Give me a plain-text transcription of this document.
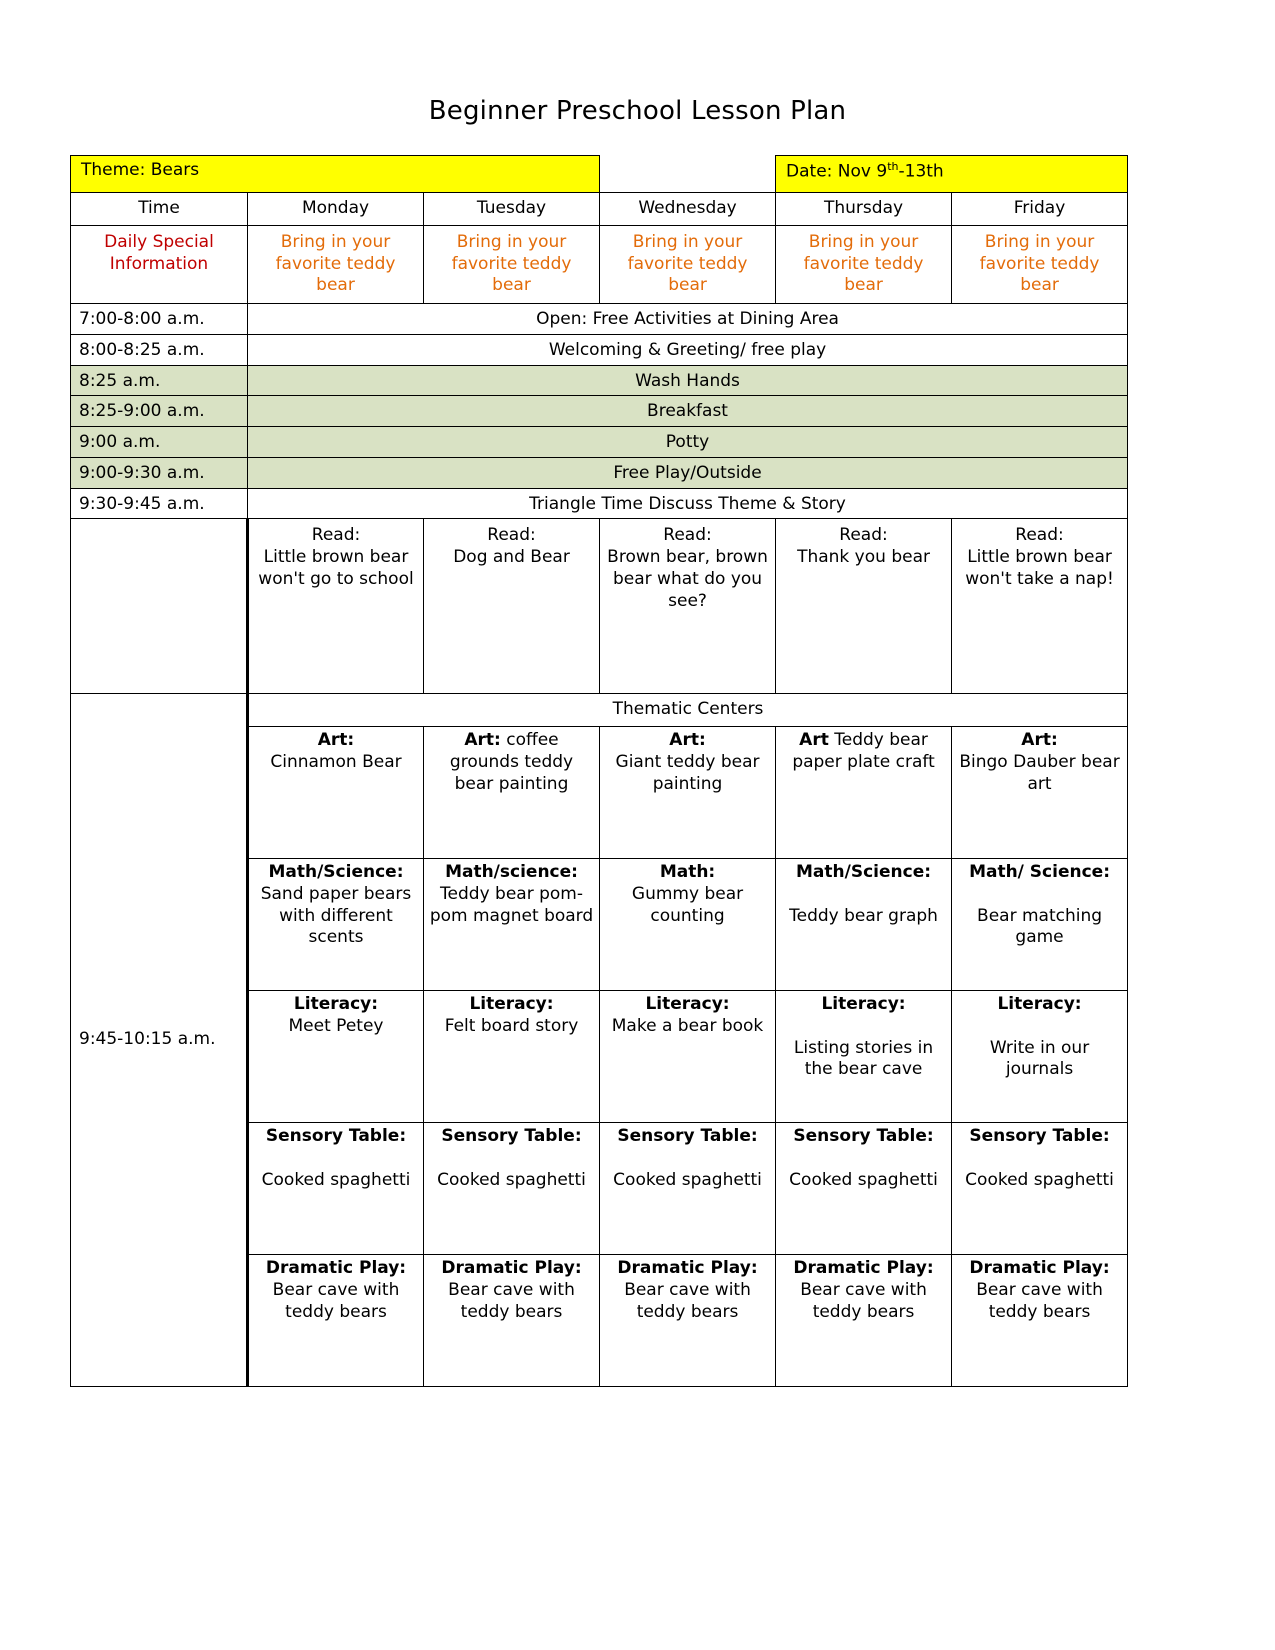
Beginner Preschool Lesson Plan
Theme: Bears				Date: Nov 9th-13th	
Time	Monday	Tuesday	Wednesday	Thursday	Friday
Daily Special Information	Bring in your favorite teddy bear	Bring in your favorite teddy bear	Bring in your favorite teddy bear	Bring in your favorite teddy bear	Bring in your favorite teddy bear
7:00-8:00 a.m.	Open: Free Activities at Dining Area				
8:00-8:25 a.m.	Welcoming & Greeting/ free play				
8:25 a.m.	Wash Hands				
8:25-9:00 a.m.	Breakfast				
9:00 a.m.	Potty				
9:00-9:30 a.m.	Free Play/Outside				
9:30-9:45 a.m.	Triangle Time Discuss Theme & Story				

	Read:
Little brown bear won't go to school	Read:
Dog and Bear	Read:
Brown bear, brown bear what do you see?	Read:
Thank you bear	Read:
Little brown bear won't take a nap!
9:45-10:15 a.m.	Thematic Centers				
	Art:
Cinnamon Bear	Art: coffee grounds teddy bear painting	Art:
Giant teddy bear painting	Art Teddy bear paper plate craft	Art:
Bingo Dauber bear art
	Math/Science:
Sand paper bears with different scents	Math/science:
Teddy bear pom-pom magnet board	Math:
Gummy bear counting	Math/Science:

Teddy bear graph	Math/ Science:

Bear matching game
	Literacy:
Meet Petey	Literacy:
Felt board story	Literacy:
Make a bear book	Literacy:

Listing stories in the bear cave	Literacy:

Write in our journals
	Sensory Table:

Cooked spaghetti	Sensory Table:

Cooked spaghetti	Sensory Table:

Cooked spaghetti	Sensory Table:

Cooked spaghetti	Sensory Table:

Cooked spaghetti
	Dramatic Play:
Bear cave with teddy bears	Dramatic Play:
Bear cave with teddy bears	Dramatic Play:
Bear cave with teddy bears	Dramatic Play:
Bear cave with teddy bears	Dramatic Play:
Bear cave with teddy bears
